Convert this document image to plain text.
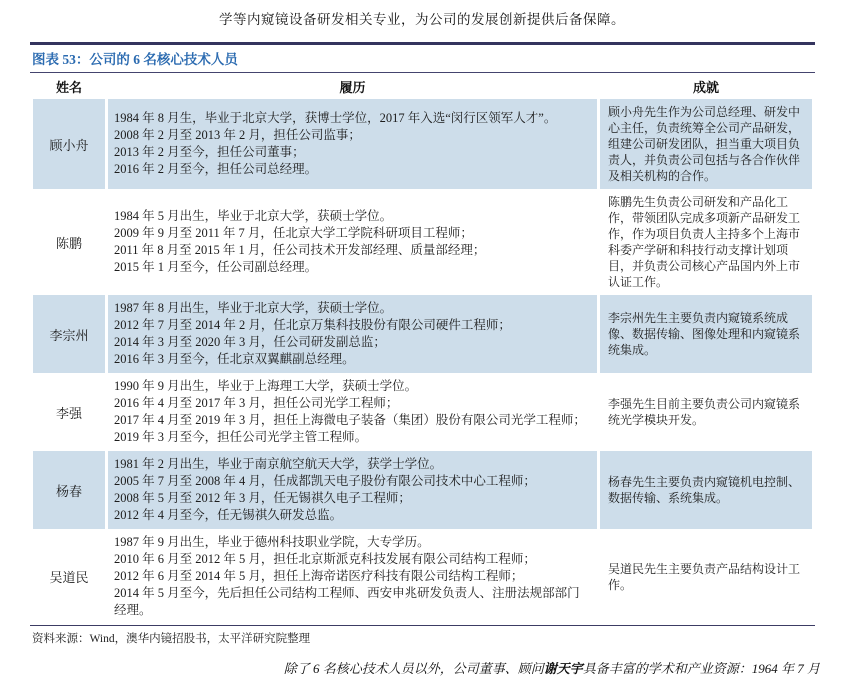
学等内窥镜设备研发相关专业，为公司的发展创新提供后备保障。
图表 53：公司的 6 名核心技术人员
姓名	履历	成就
顾小舟	1984 年 8 月生，毕业于北京大学，获博士学位，2017 年入选“闵行区领军人才”。
2008 年 2 月至 2013 年 2 月，担任公司监事；
2013 年 2 月至今，担任公司董事；
2016 年 2 月至今，担任公司总经理。	顾小舟先生作为公司总经理、研发中心主任，负责统筹全公司产品研发，组建公司研发团队，担当重大项目负责人，并负责公司包括与各合作伙伴及相关机构的合作。
陈鹏	1984 年 5 月出生，毕业于北京大学，获硕士学位。
2009 年 9 月至 2011 年 7 月，任北京大学工学院科研项目工程师；
2011 年 8 月至 2015 年 1 月，任公司技术开发部经理、质量部经理；
2015 年 1 月至今，任公司副总经理。	陈鹏先生负责公司研发和产品化工作，带领团队完成多项新产品研发工作，作为项目负责人主持多个上海市科委产学研和科技行动支撑计划项目，并负责公司核心产品国内外上市认证工作。
李宗州	1987 年 8 月出生，毕业于北京大学，获硕士学位。
2012 年 7 月至 2014 年 2 月，任北京万集科技股份有限公司硬件工程师；
2014 年 3 月至 2020 年 3 月，任公司研发副总监；
2016 年 3 月至今，任北京双翼麒副总经理。	李宗州先生主要负责内窥镜系统成像、数据传输、图像处理和内窥镜系统集成。
李强	1990 年 9 月出生，毕业于上海理工大学，获硕士学位。
2016 年 4 月至 2017 年 3 月，担任公司光学工程师；
2017 年 4 月至 2019 年 3 月，担任上海微电子装备（集团）股份有限公司光学工程师；
2019 年 3 月至今，担任公司光学主管工程师。	李强先生目前主要负责公司内窥镜系统光学模块开发。
杨春	1981 年 2 月出生，毕业于南京航空航天大学，获学士学位。
2005 年 7 月至 2008 年 4 月，任成都凯天电子股份有限公司技术中心工程师；
2008 年 5 月至 2012 年 3 月，任无锡祺久电子工程师；
2012 年 4 月至今，任无锡祺久研发总监。	杨春先生主要负责内窥镜机电控制、数据传输、系统集成。
吴道民	1987 年 9 月出生，毕业于德州科技职业学院，大专学历。
2010 年 6 月至 2012 年 5 月，担任北京斯派克科技发展有限公司结构工程师；
2012 年 6 月至 2014 年 5 月，担任上海帝诺医疗科技有限公司结构工程师；
2014 年 5 月至今，先后担任公司结构工程师、西安申兆研发负责人、注册法规部部门经理。	吴道民先生主要负责产品结构设计工作。
资料来源：Wind，澳华内镜招股书，太平洋研究院整理
除了 6 名核心技术人员以外，公司董事、顾问谢天宇具备丰富的学术和产业资源：1964 年 7 月
